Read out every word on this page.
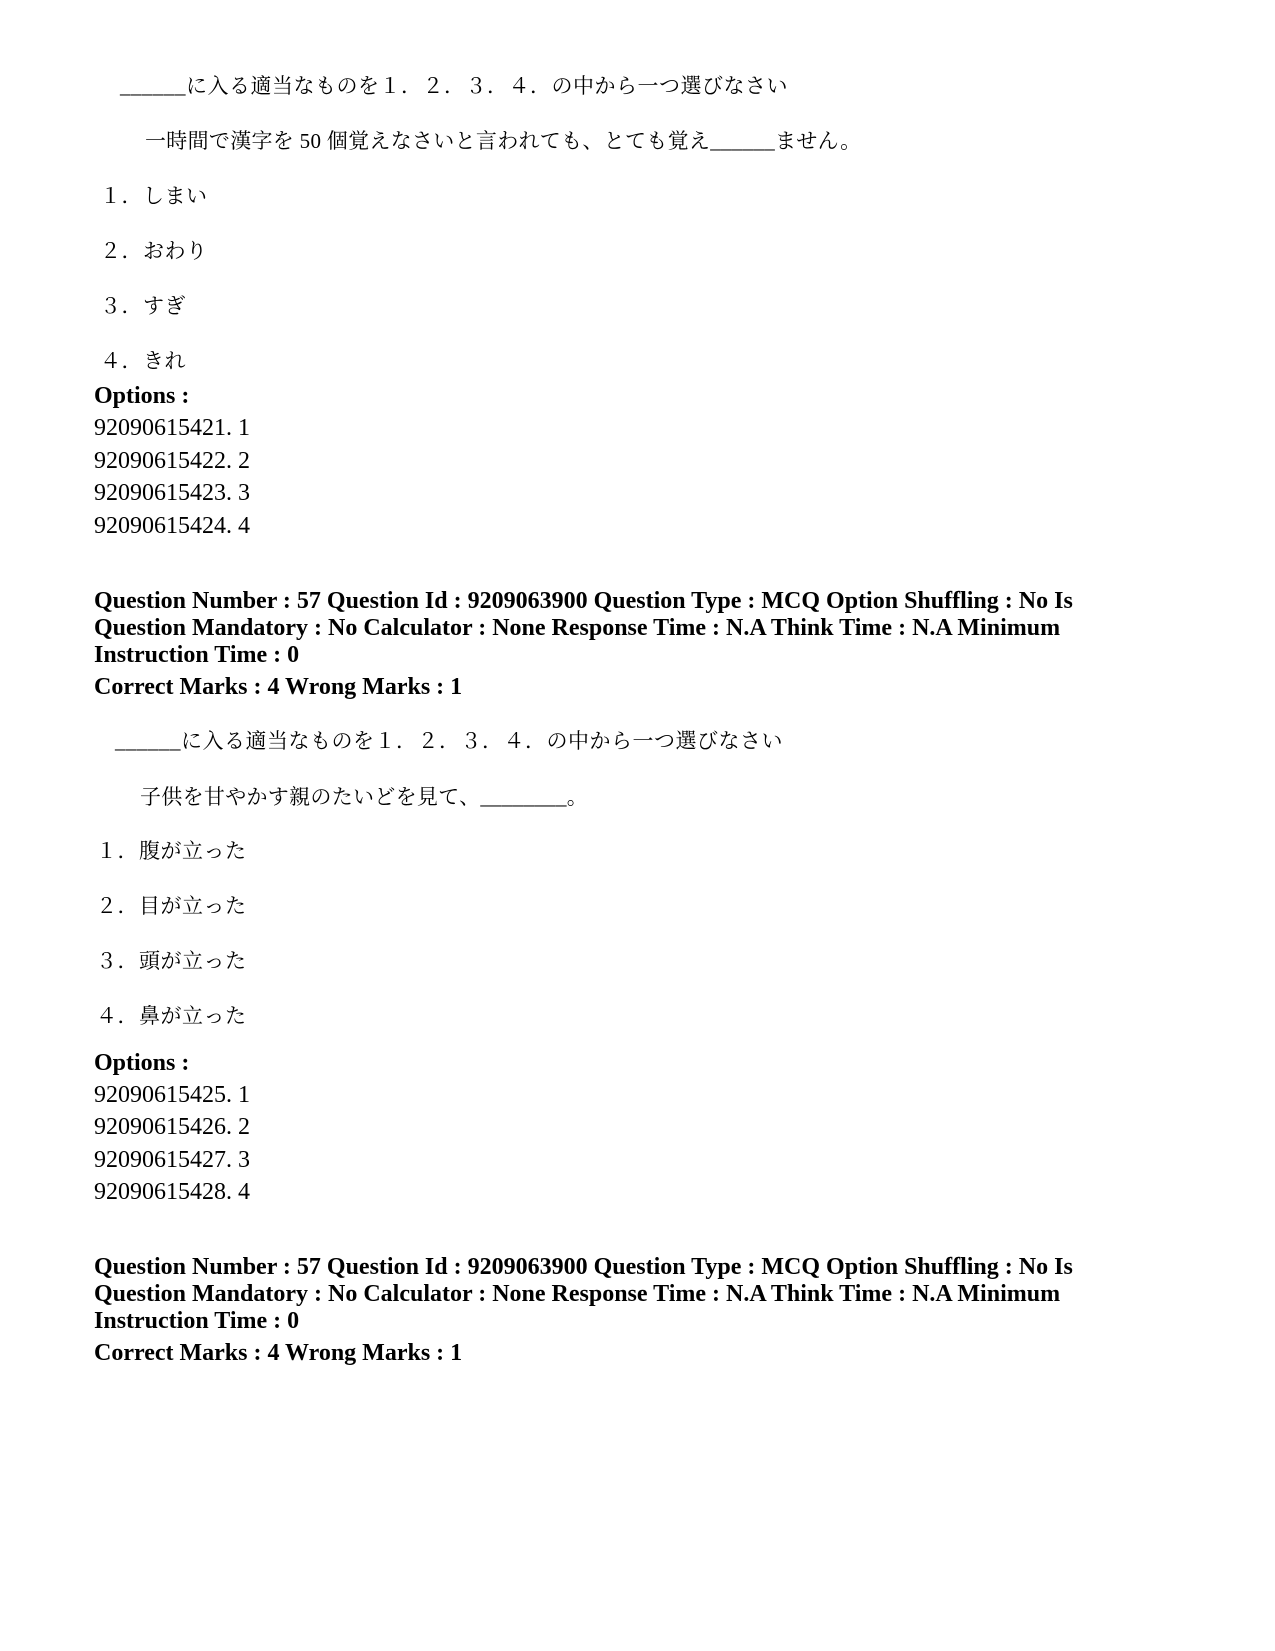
______に入る適当なものを１．２．３．４．の中から一つ選びなさい
一時間で漢字を 50 個覚えなさいと言われても、とても覚え______ません。
１．しまい
２．おわり
３．すぎ
４．きれ
Options :
92090615421. 1
92090615422. 2
92090615423. 3
92090615424. 4
Question Number : 57 Question Id : 9209063900 Question Type : MCQ Option Shuffling : No Is
Question Mandatory : No Calculator : None Response Time : N.A Think Time : N.A Minimum
Instruction Time : 0
Correct Marks : 4 Wrong Marks : 1
______に入る適当なものを１．２．３．４．の中から一つ選びなさい
子供を甘やかす親のたいどを見て、________。
１．腹が立った
２．目が立った
３．頭が立った
４．鼻が立った
Options :
92090615425. 1
92090615426. 2
92090615427. 3
92090615428. 4
Question Number : 57 Question Id : 9209063900 Question Type : MCQ Option Shuffling : No Is
Question Mandatory : No Calculator : None Response Time : N.A Think Time : N.A Minimum
Instruction Time : 0
Correct Marks : 4 Wrong Marks : 1
